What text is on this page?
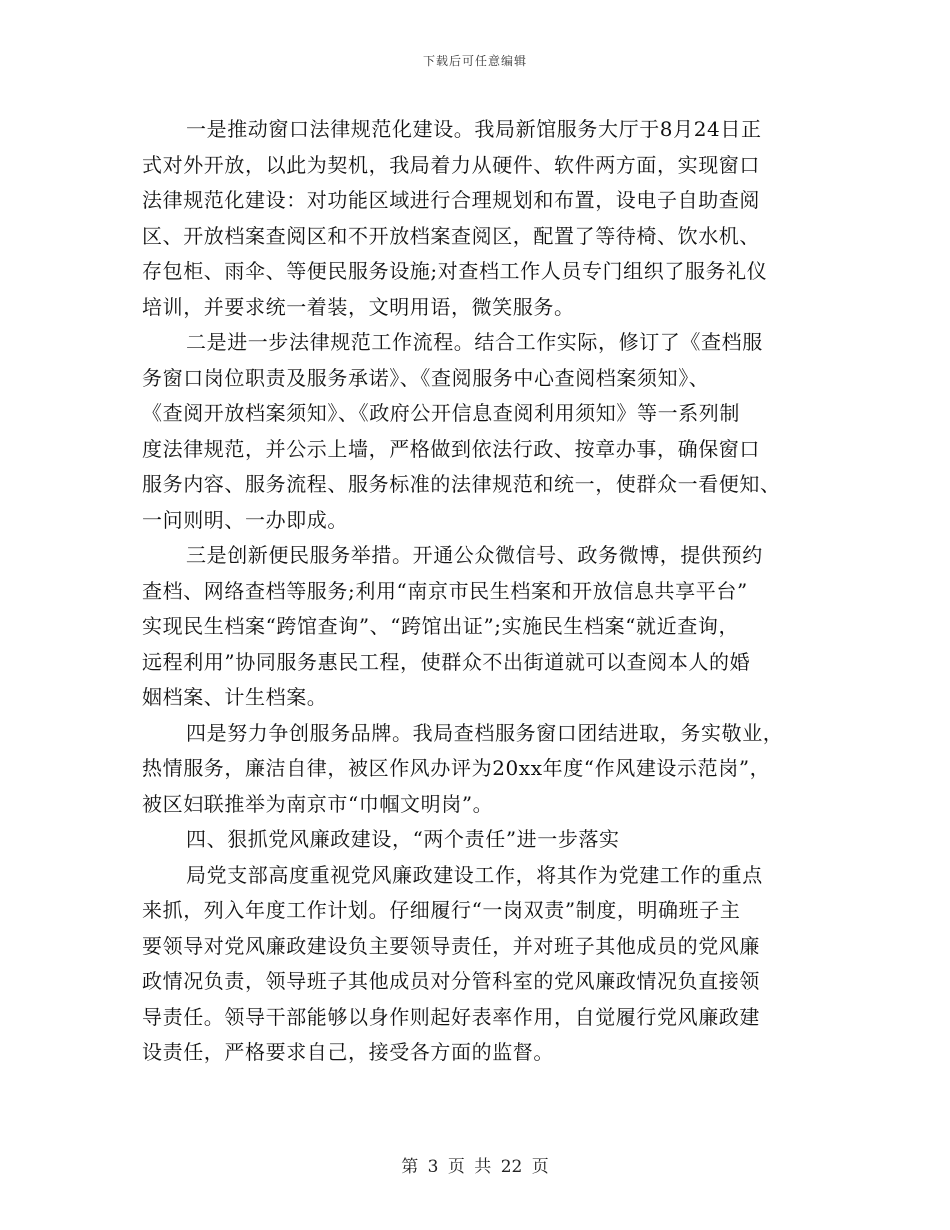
下载后可任意编辑
一是推动窗口法律规范化建设。我局新馆服务大厅于8月24日正
式对外开放，以此为契机，我局着力从硬件、软件两方面，实现窗口
法律规范化建设：对功能区域进行合理规划和布置，设电子自助查阅
区、开放档案查阅区和不开放档案查阅区，配置了等待椅、饮水机、
存包柜、雨伞、等便民服务设施;对查档工作人员专门组织了服务礼仪
培训，并要求统一着装，文明用语，微笑服务。
二是进一步法律规范工作流程。结合工作实际，修订了《查档服
务窗口岗位职责及服务承诺》、《查阅服务中心查阅档案须知》、
《查阅开放档案须知》、《政府公开信息查阅利用须知》等一系列制
度法律规范，并公示上墙，严格做到依法行政、按章办事，确保窗口
服务内容、服务流程、服务标准的法律规范和统一，使群众一看便知、
一问则明、一办即成。
三是创新便民服务举措。开通公众微信号、政务微博，提供预约
查档、网络查档等服务;利用“南京市民生档案和开放信息共享平台”
实现民生档案“跨馆查询”、“跨馆出证”;实施民生档案“就近查询，
远程利用”协同服务惠民工程，使群众不出街道就可以查阅本人的婚
姻档案、计生档案。
四是努力争创服务品牌。我局查档服务窗口团结进取，务实敬业，
热情服务，廉洁自律，被区作风办评为20xx年度“作风建设示范岗”，
被区妇联推举为南京市“巾帼文明岗”。
四、狠抓党风廉政建设，“两个责任”进一步落实
局党支部高度重视党风廉政建设工作，将其作为党建工作的重点
来抓，列入年度工作计划。仔细履行“一岗双责”制度，明确班子主
要领导对党风廉政建设负主要领导责任，并对班子其他成员的党风廉
政情况负责，领导班子其他成员对分管科室的党风廉政情况负直接领
导责任。领导干部能够以身作则起好表率作用，自觉履行党风廉政建
设责任，严格要求自己，接受各方面的监督。
第 3 页 共 22 页
